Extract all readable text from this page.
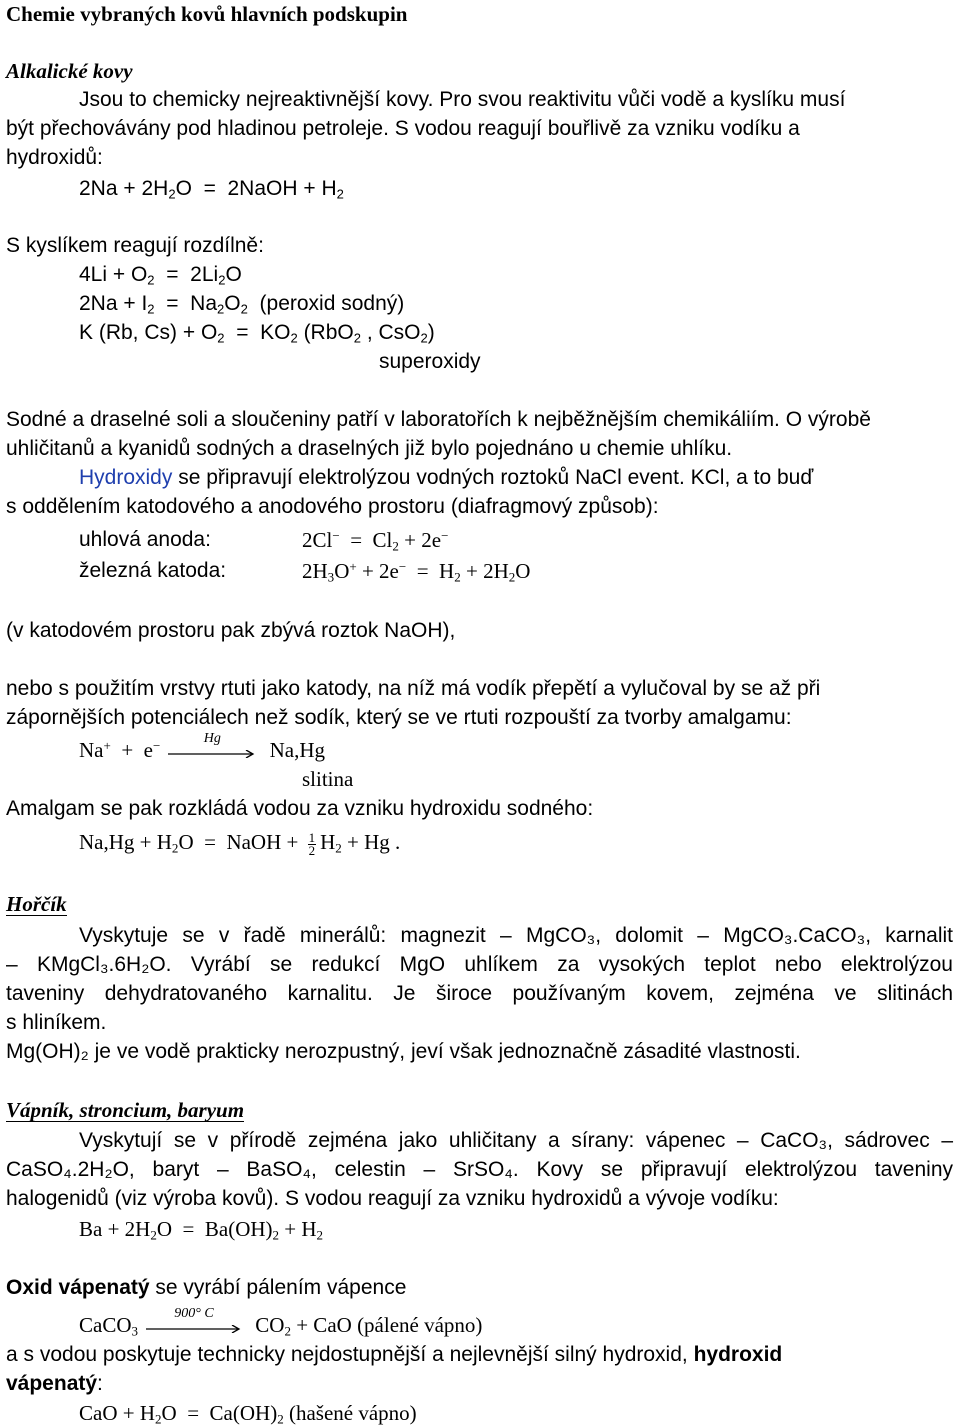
Chemie vybraných kovů hlavních podskupin
Alkalické kovy
Jsou to chemicky nejreaktivnější kovy. Pro svou reaktivitu vůči vodě a kyslíku musí
být přechovávány pod hladinou petroleje. S vodou reagují bouřlivě za vzniku vodíku a
hydroxidů:
$2Na + 2H_2O$  =  2NaOH + $H_2$
S kyslíkem reagují rozdílně:
$4Li + O_2 = 2Li_2O$
$2Na + I_2 = Na_2O_2$ (peroxid sodný)
K (Rb, $Cs) + O_2 = KO_2$ (RbO$_2$ , CsO$_2$)
superoxidy
Sodné a draselné soli a sloučeniny patří v laboratořích k nejběžnějším chemikáliím. O výrobě
uhličitanů a kyanidů sodných a draselných již bylo pojednáno u chemie uhlíku.
Hydroxidy se připravují elektrolýzou vodných roztoků NaCl event. KCl, a to buď
s oddělením katodového a anodového prostoru (diafragmový způsob):
uhlová anoda:	$2Cl^- = Cl_2 + 2e^-$
železná katoda:	$2H_3O^+ + 2e^- = H_2 + 2H_2O$
(v katodovém prostoru pak zbývá roztok NaOH),
nebo s použitím vrstvy rtuti jako katody, na níž má vodík přepětí a vylučoval by se až při
zápornějších potenciálech než sodík, který se ve rtuti rozpouští za tvorby amalgamu:
Na+  +  e−	Hg	Na,Hg
slitina
Amalgam se pak rozkládá vodou za vzniku hydroxidu sodného:
$Na,Hg + H_2O$  =  NaOH + $\frac{1}{2} H_2 + Hg$ .
Hořčík
Vyskytuje se v řadě minerálů: magnezit – MgCO₃, dolomit – MgCO₃.CaCO₃, karnalit
– KMgCl₃.6H₂O. Vyrábí se redukcí MgO uhlíkem za vysokých teplot nebo elektrolýzou
taveniny dehydratovaného karnalitu. Je široce používaným kovem, zejména ve slitinách
s hliníkem.
Mg(OH)₂ je ve vodě prakticky nerozpustný, jeví však jednoznačně zásadité vlastnosti.
Vápník, stroncium, baryum
Vyskytují se v přírodě zejména jako uhličitany a sírany: vápenec – CaCO₃, sádrovec –
CaSO₄.2H₂O, baryt – BaSO₄, celestin – SrSO₄. Kovy se připravují elektrolýzou taveniny
halogenidů (viz výroba kovů). S vodou reagují za vzniku hydroxidů a vývoje vodíku:
$Ba + 2H_2O = Ba(OH)_2 + H_2$
Oxid vápenatý se vyrábí pálením vápence
CaCO$_3$
900° C	$CO_2$ + CaO (pálené vápno)
a s vodou poskytuje technicky nejdostupnější a nejlevnější silný hydroxid, hydroxid
vápenatý:
CaO + $H_2O = Ca(OH)_2$ (hašené vápno)
